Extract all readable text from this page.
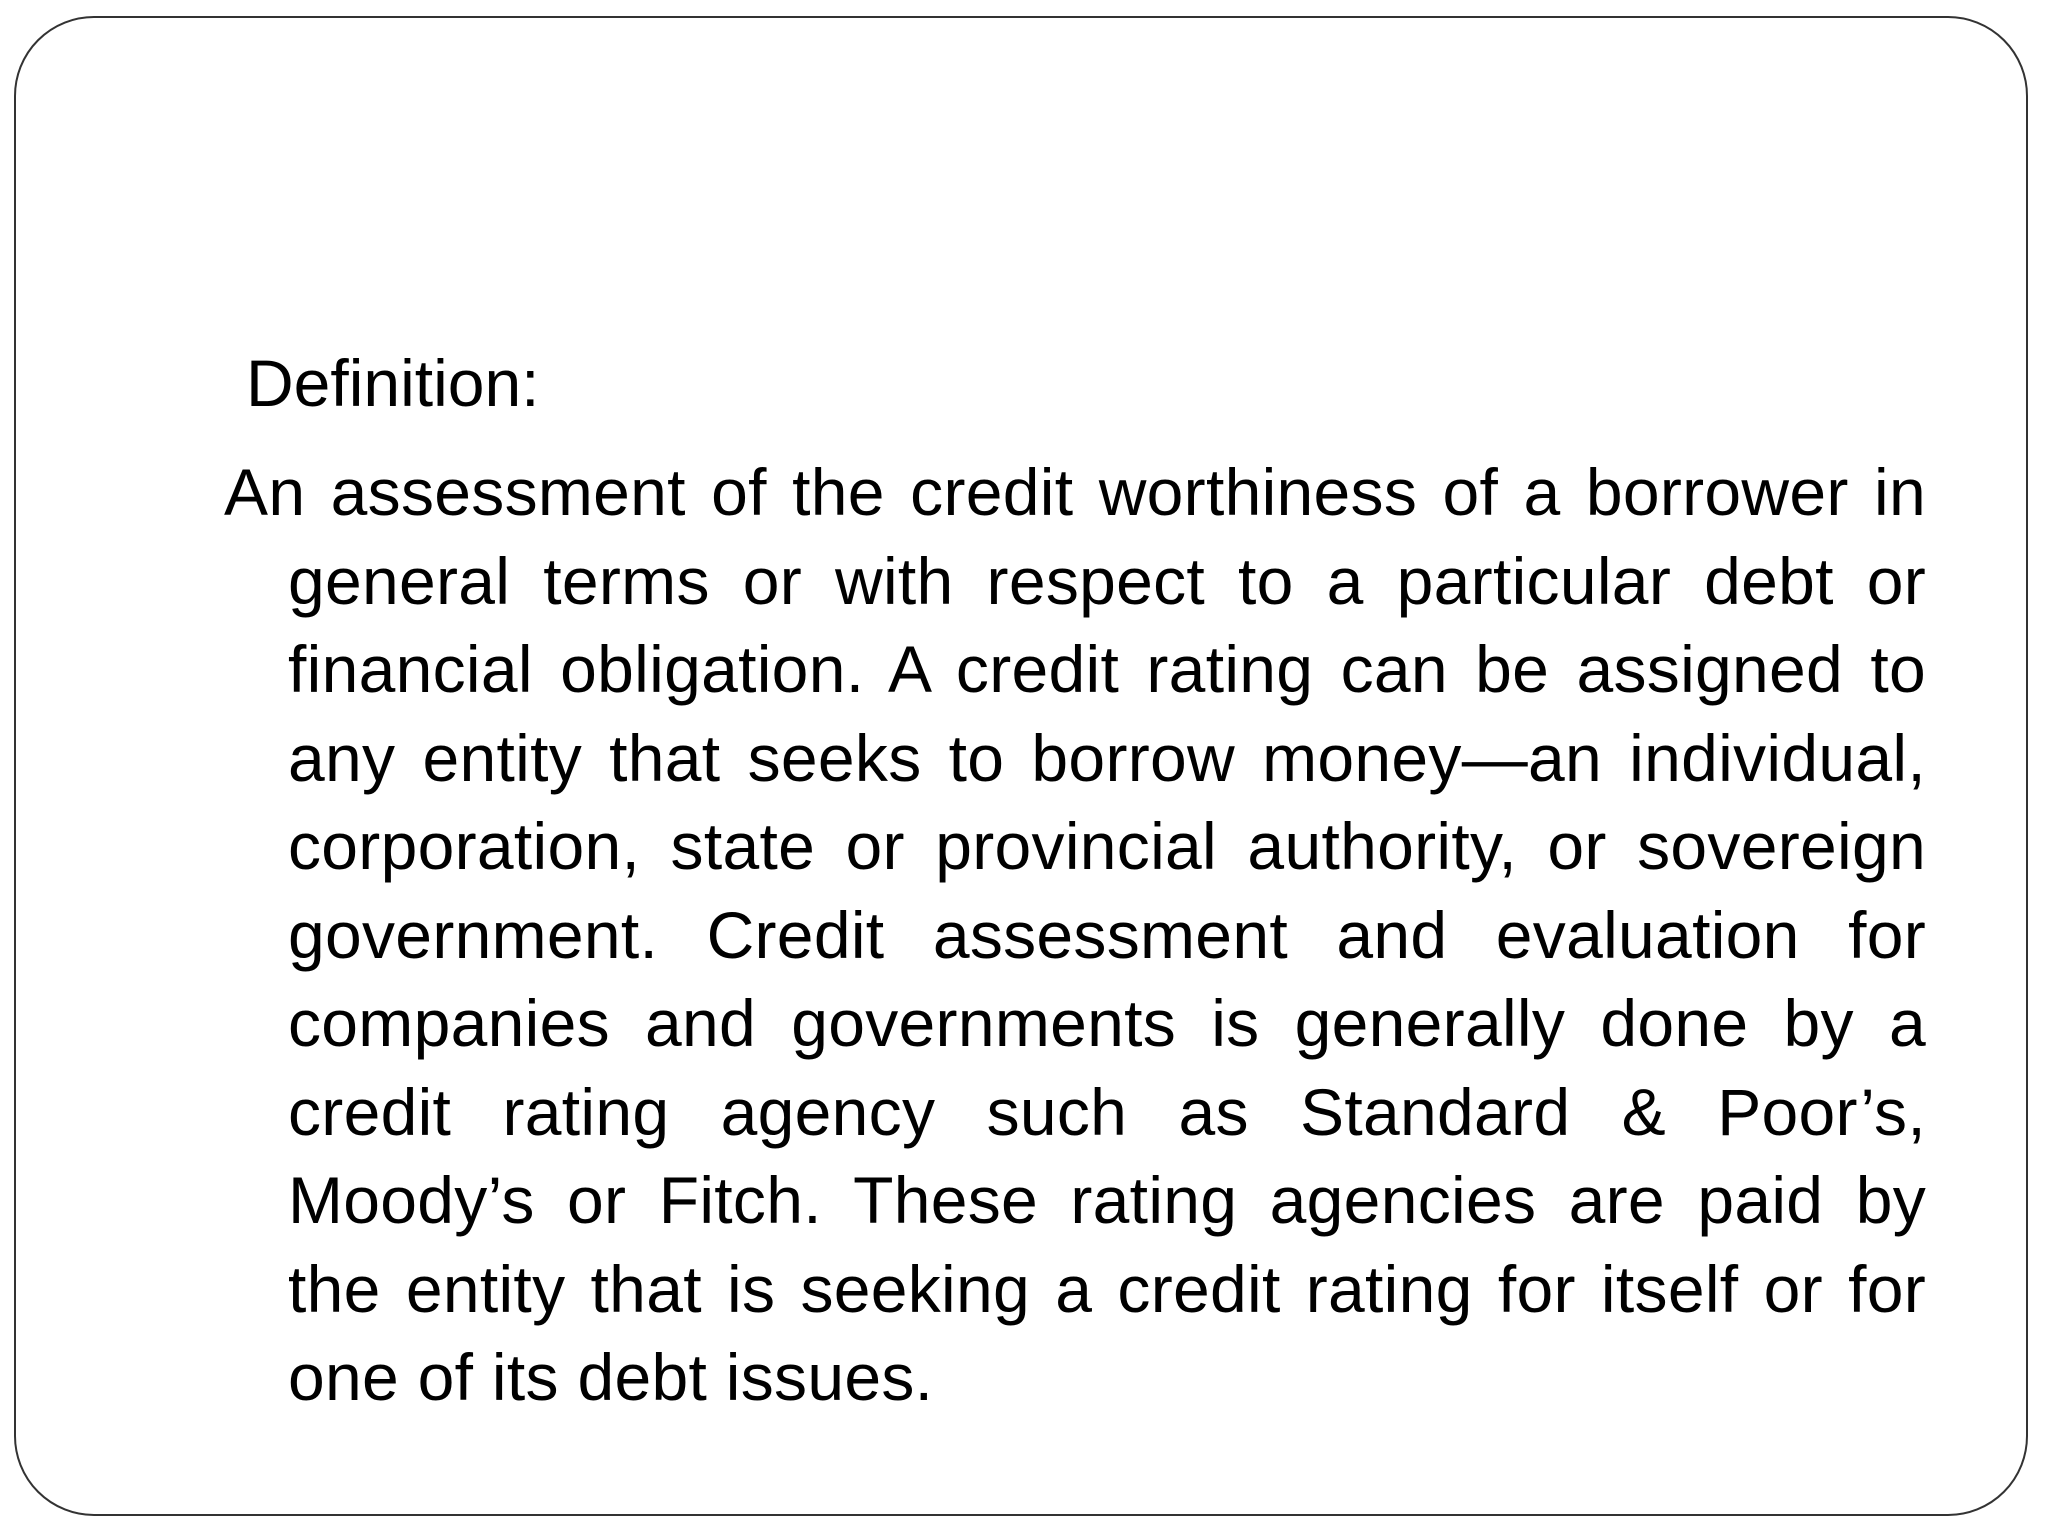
Definition:

An assessment of the credit worthiness of a borrower in general terms or with respect to a particular debt or financial obligation. A credit rating can be assigned to any entity that seeks to borrow money—an individual, corporation, state or provincial authority, or sovereign government. Credit assessment and evaluation for companies and governments is generally done by a credit rating agency such as Standard & Poor’s, Moody’s or Fitch. These rating agencies are paid by the entity that is seeking a credit rating for itself or for one of its debt issues.
